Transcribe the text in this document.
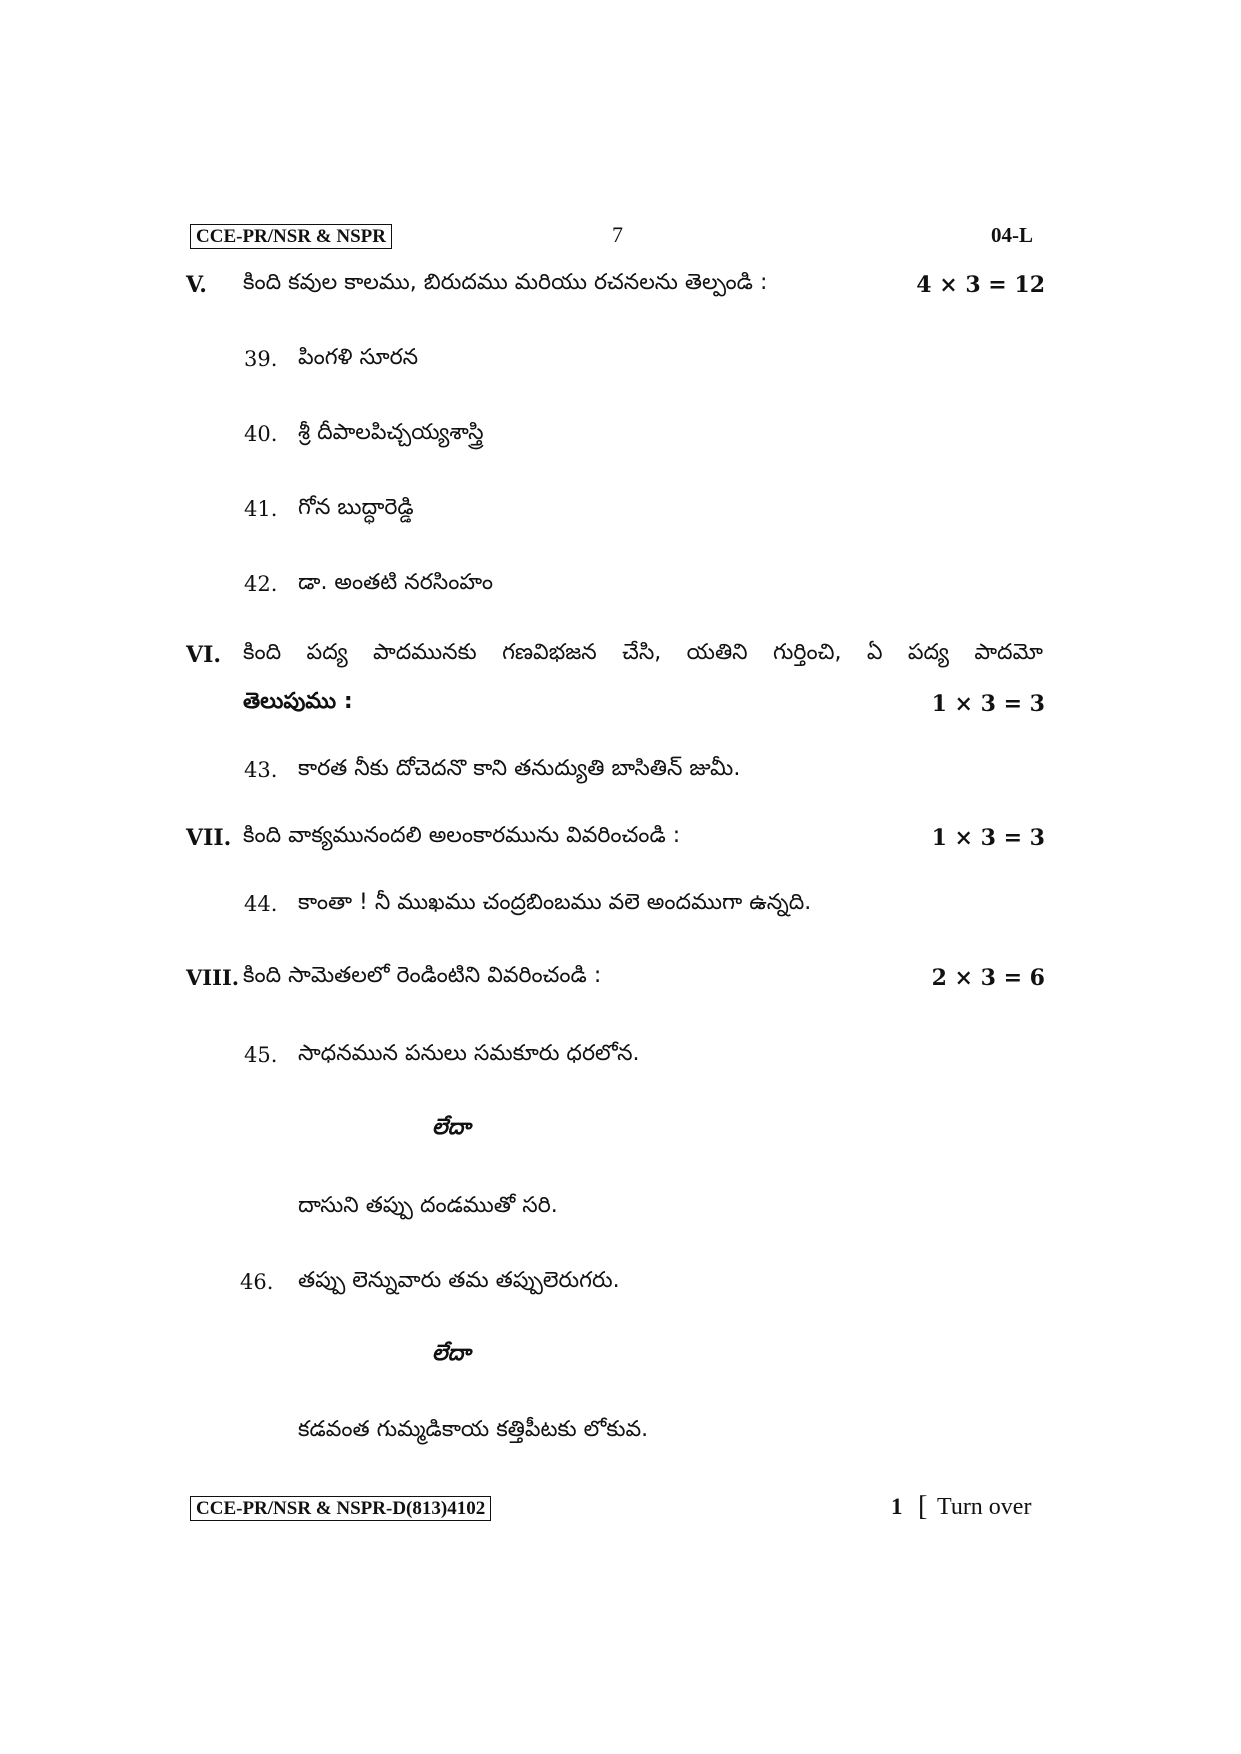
CCE-PR/NSR & NSPR	7	04-L
V. కింది కవుల కాలము, బిరుదము మరియు రచనలను తెల్పండి :	4 × 3 = 12
39. పింగళి సూరన
40. శ్రీ దీపాలపిచ్చయ్యశాస్త్రి
41. గోన బుద్ధారెడ్డి
42. డా. అంతటి నరసింహం
VI. కింది పద్య పాదమునకు గణవిభజన చేసి, యతిని గుర్తించి, ఏ పద్య పాదమో
తెలుపుము :	1 × 3 = 3
43. కారత నీకు దోచెదనొ కాని తనుద్యుతి బాసితిన్ జుమీ.
VII. కింది వాక్యమునందలి అలంకారమును వివరించండి :	1 × 3 = 3
44. కాంతా ! నీ ముఖము చంద్రబింబము వలె అందముగా ఉన్నది.
VIII. కింది సామెతలలో రెండింటిని వివరించండి :	2 × 3 = 6
45. సాధనమున పనులు సమకూరు ధరలోన.
లేదా
దాసుని తప్పు దండముతో సరి.
46. తప్పు లెన్నువారు తమ తప్పులెరుగరు.
లేదా
కడవంత గుమ్మడికాయ కత్తిపీటకు లోకువ.
CCE-PR/NSR & NSPR-D(813)4102	1 [ Turn over
